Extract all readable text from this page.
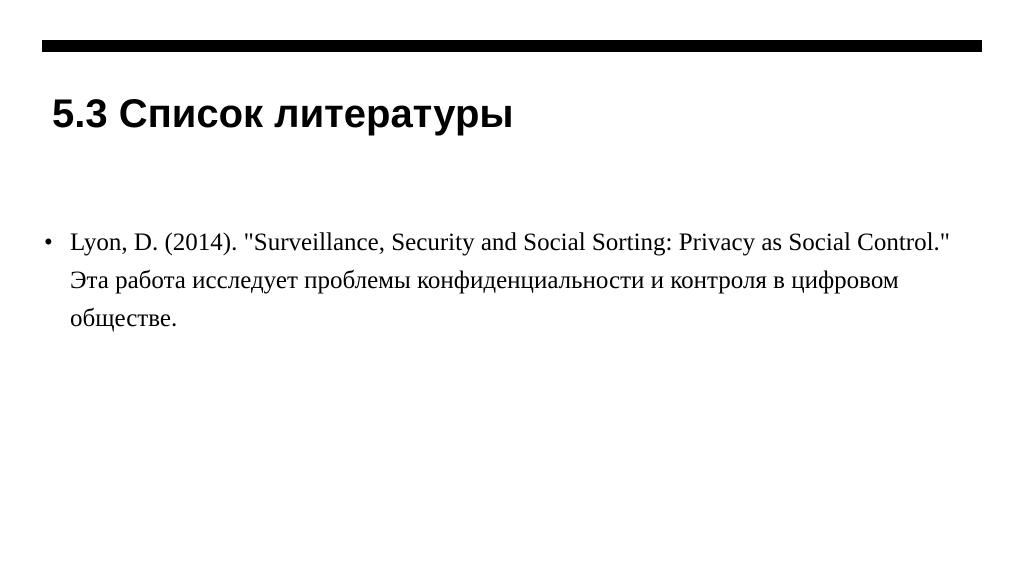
5.3 Список литературы
• Lyon, D. (2014). "Surveillance, Security and Social Sorting: Privacy as Social Control." Эта работа исследует проблемы конфиденциальности и контроля в цифровом обществе.
